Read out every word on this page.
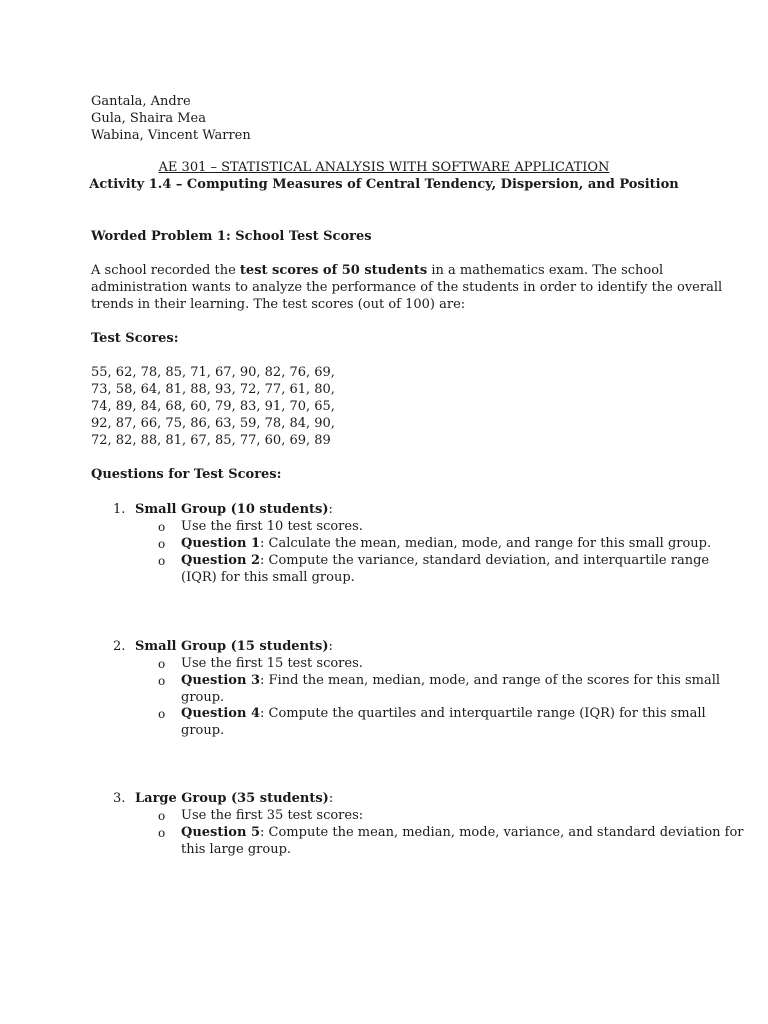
Gantala, Andre
Gula, Shaira Mea
Wabina, Vincent Warren
AE 301 – STATISTICAL ANALYSIS WITH SOFTWARE APPLICATION
Activity 1.4 – Computing Measures of Central Tendency, Dispersion, and Position
Worded Problem 1: School Test Scores
A school recorded the test scores of 50 students in a mathematics exam. The school
administration wants to analyze the performance of the students in order to identify the overall
trends in their learning. The test scores (out of 100) are:
Test Scores:
55, 62, 78, 85, 71, 67, 90, 82, 76, 69,
73, 58, 64, 81, 88, 93, 72, 77, 61, 80,
74, 89, 84, 68, 60, 79, 83, 91, 70, 65,
92, 87, 66, 75, 86, 63, 59, 78, 84, 90,
72, 82, 88, 81, 67, 85, 77, 60, 69, 89
Questions for Test Scores:
1. Small Group (10 students):
o Use the first 10 test scores.
o Question 1: Calculate the mean, median, mode, and range for this small group.
o Question 2: Compute the variance, standard deviation, and interquartile range
(IQR) for this small group.
2. Small Group (15 students):
o Use the first 15 test scores.
o Question 3: Find the mean, median, mode, and range of the scores for this small
group.
o Question 4: Compute the quartiles and interquartile range (IQR) for this small
group.
3. Large Group (35 students):
o Use the first 35 test scores:
o Question 5: Compute the mean, median, mode, variance, and standard deviation for
this large group.
